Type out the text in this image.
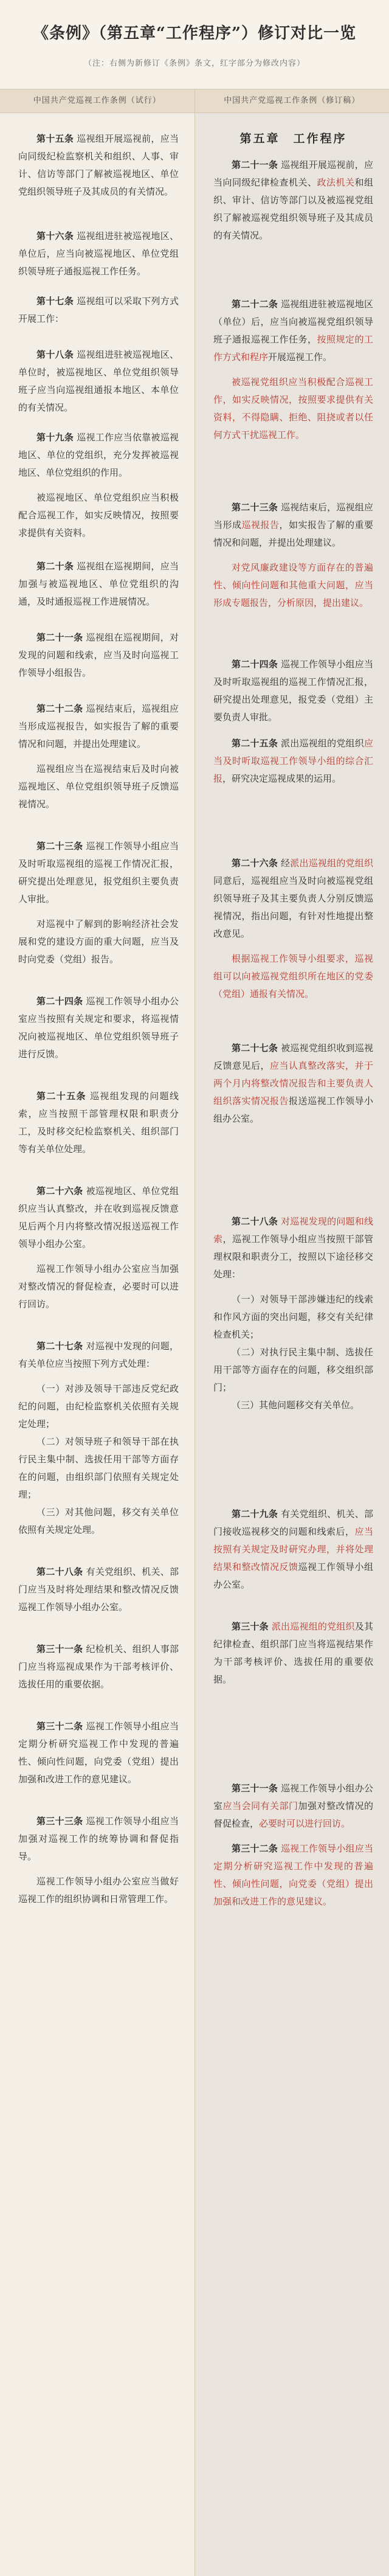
《条例》（第五章“工作程序”）修订对比一览
（注：右侧为新修订《条例》条文，红字部分为修改内容）
中国共产党巡视工作条例（试行）	中国共产党巡视工作条例（修订稿）

第十五条 巡视组开展巡视前，应当向同级纪检监察机关和组织、人事、审计、信访等部门了解被巡视地区、单位党组织领导班子及其成员的有关情况。

第十六条 巡视组进驻被巡视地区、单位后，应当向被巡视地区、单位党组织领导班子通报巡视工作任务。

第十七条 巡视组可以采取下列方式开展工作：

第十八条 巡视组进驻被巡视地区、单位时，被巡视地区、单位党组织领导班子应当向巡视组通报本地区、本单位的有关情况。

第十九条 巡视工作应当依靠被巡视地区、单位的党组织，充分发挥被巡视地区、单位党组织的作用。

被巡视地区、单位党组织应当积极配合巡视工作，如实反映情况，按照要求提供有关资料。

第二十条 巡视组在巡视期间，应当加强与被巡视地区、单位党组织的沟通，及时通报巡视工作进展情况。

第二十一条 巡视组在巡视期间，对发现的问题和线索，应当及时向巡视工作领导小组报告。

第二十二条 巡视结束后，巡视组应当形成巡视报告，如实报告了解的重要情况和问题，并提出处理建议。

巡视组应当在巡视结束后及时向被巡视地区、单位党组织领导班子反馈巡视情况。

第二十三条 巡视工作领导小组应当及时听取巡视组的巡视工作情况汇报，研究提出处理意见，报党组织主要负责人审批。

对巡视中了解到的影响经济社会发展和党的建设方面的重大问题，应当及时向党委（党组）报告。

第二十四条 巡视工作领导小组办公室应当按照有关规定和要求，将巡视情况向被巡视地区、单位党组织领导班子进行反馈。

第二十五条 巡视组发现的问题线索，应当按照干部管理权限和职责分工，及时移交纪检监察机关、组织部门等有关单位处理。

第二十六条 被巡视地区、单位党组织应当认真整改，并在收到巡视反馈意见后两个月内将整改情况报送巡视工作领导小组办公室。

巡视工作领导小组办公室应当加强对整改情况的督促检查，必要时可以进行回访。

第二十七条 对巡视中发现的问题，有关单位应当按照下列方式处理：

（一）对涉及领导干部违反党纪政纪的问题，由纪检监察机关依照有关规定处理；

（二）对领导班子和领导干部在执行民主集中制、选拔任用干部等方面存在的问题，由组织部门依照有关规定处理；

（三）对其他问题，移交有关单位依照有关规定处理。

第二十八条 有关党组织、机关、部门应当及时将处理结果和整改情况反馈巡视工作领导小组办公室。

第三十一条 纪检机关、组织人事部门应当将巡视成果作为干部考核评价、选拔任用的重要依据。

第三十二条 巡视工作领导小组应当定期分析研究巡视工作中发现的普遍性、倾向性问题，向党委（党组）提出加强和改进工作的意见建议。

第三十三条 巡视工作领导小组应当加强对巡视工作的统筹协调和督促指导。

巡视工作领导小组办公室应当做好巡视工作的组织协调和日常管理工作。

第五章　工作程序

第二十一条 巡视组开展巡视前，应当向同级纪律检查机关、政法机关和组织、审计、信访等部门以及被巡视党组织了解被巡视党组织领导班子及其成员的有关情况。

第二十二条 巡视组进驻被巡视地区（单位）后，应当向被巡视党组织领导班子通报巡视工作任务，按照规定的工作方式和程序开展巡视工作。

被巡视党组织应当积极配合巡视工作，如实反映情况，按照要求提供有关资料，不得隐瞒、拒绝、阻挠或者以任何方式干扰巡视工作。

第二十三条 巡视结束后，巡视组应当形成巡视报告，如实报告了解的重要情况和问题，并提出处理建议。

对党风廉政建设等方面存在的普遍性、倾向性问题和其他重大问题，应当形成专题报告，分析原因，提出建议。

第二十四条 巡视工作领导小组应当及时听取巡视组的巡视工作情况汇报，研究提出处理意见，报党委（党组）主要负责人审批。

第二十五条 派出巡视组的党组织应当及时听取巡视工作领导小组的综合汇报，研究决定巡视成果的运用。

第二十六条 经派出巡视组的党组织同意后，巡视组应当及时向被巡视党组织领导班子及其主要负责人分别反馈巡视情况，指出问题，有针对性地提出整改意见。

根据巡视工作领导小组要求，巡视组可以向被巡视党组织所在地区的党委（党组）通报有关情况。

第二十七条 被巡视党组织收到巡视反馈意见后，应当认真整改落实，并于两个月内将整改情况报告和主要负责人组织落实情况报告报送巡视工作领导小组办公室。

第二十八条 对巡视发现的问题和线索，巡视工作领导小组应当按照干部管理权限和职责分工，按照以下途径移交处理：

（一）对领导干部涉嫌违纪的线索和作风方面的突出问题，移交有关纪律检查机关；

（二）对执行民主集中制、选拔任用干部等方面存在的问题，移交组织部门；

（三）其他问题移交有关单位。

第二十九条 有关党组织、机关、部门接收巡视移交的问题和线索后，应当按照有关规定及时研究办理，并将处理结果和整改情况反馈巡视工作领导小组办公室。

第三十条 派出巡视组的党组织及其纪律检查、组织部门应当将巡视结果作为干部考核评价、选拔任用的重要依据。

第三十一条 巡视工作领导小组办公室应当会同有关部门加强对整改情况的督促检查，必要时可以进行回访。

第三十二条 巡视工作领导小组应当定期分析研究巡视工作中发现的普遍性、倾向性问题，向党委（党组）提出加强和改进工作的意见建议。
